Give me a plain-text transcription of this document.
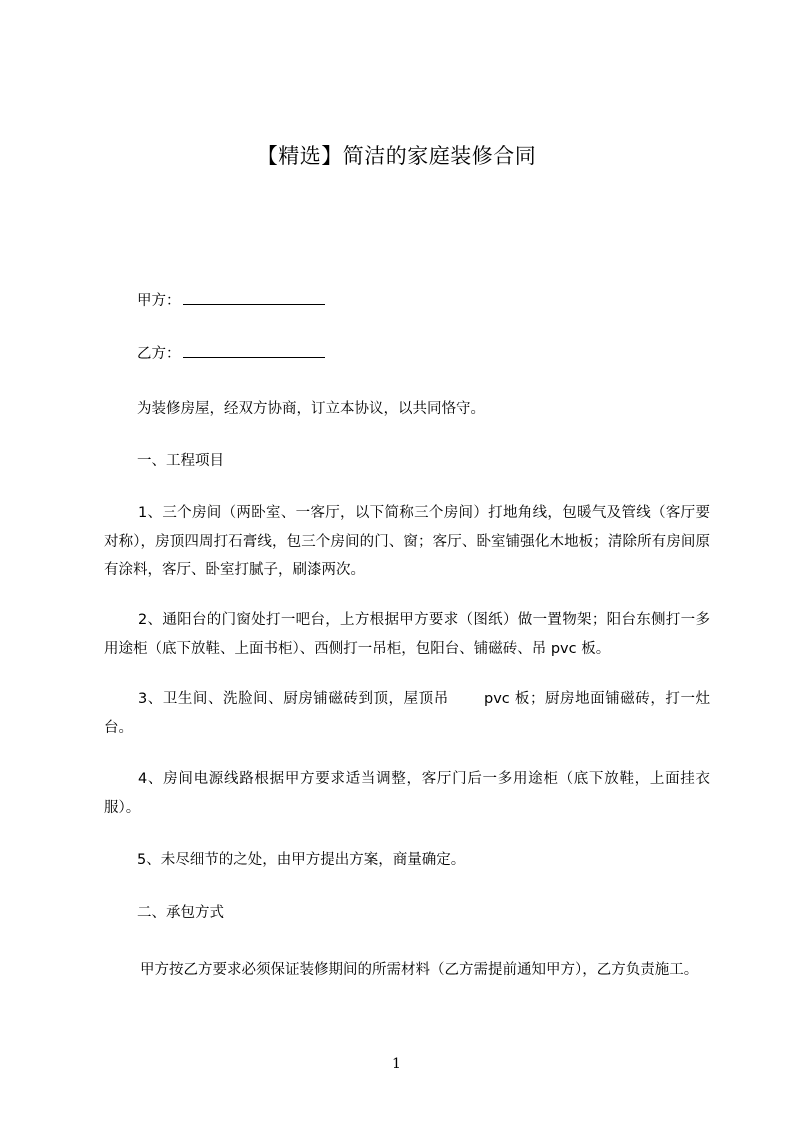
【精选】简洁的家庭装修合同
甲方：
乙方：
为装修房屋，经双方协商，订立本协议，以共同恪守。
一、工程项目
1、三个房间（两卧室、一客厅，以下简称三个房间）打地角线，包暖气及管线（客厅要对称），房顶四周打石膏线，包三个房间的门、窗；客厅、卧室铺强化木地板；清除所有房间原有涂料，客厅、卧室打腻子，刷漆两次。
2、通阳台的门窗处打一吧台，上方根据甲方要求（图纸）做一置物架；阳台东侧打一多用途柜（底下放鞋、上面书柜）、西侧打一吊柜，包阳台、铺磁砖、吊 pvc 板。
3、卫生间、洗脸间、厨房铺磁砖到顶，屋顶吊　　 pvc 板；厨房地面铺磁砖，打一灶台。
4、房间电源线路根据甲方要求适当调整，客厅门后一多用途柜（底下放鞋，上面挂衣服）。
5、未尽细节的之处，由甲方提出方案，商量确定。
二、承包方式
甲方按乙方要求必须保证装修期间的所需材料（乙方需提前通知甲方），乙方负责施工。
1
